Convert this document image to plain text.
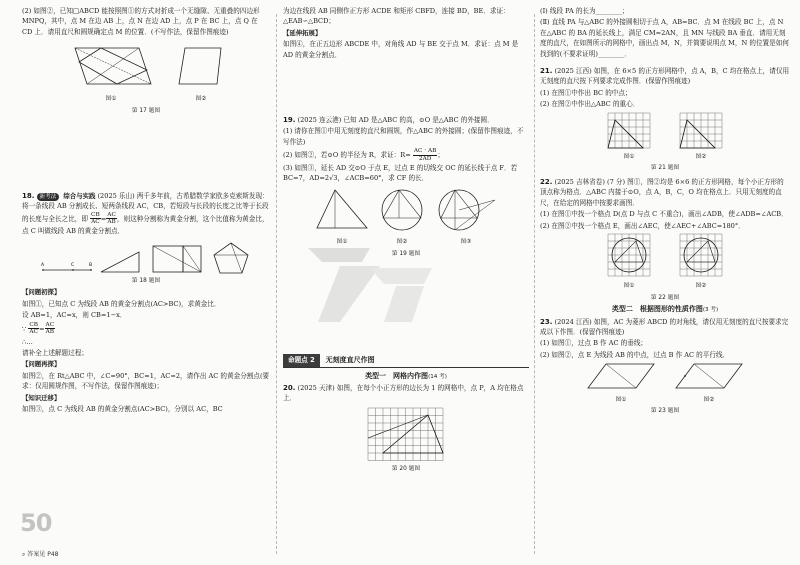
(2) 如图②，已知□ABCD 能按照图①的方式对折成一个无缝隙、无重叠的四边形 MNPQ，其中，点 M 在边 AB 上，点 N 在边 AD 上，点 P 在 BC 上，点 Q 在 CD 上．请用直尺和圆规确定点 M 的位置．(不写作法，保留作图痕迹)

图①	图②

第 17 题图

18. 新考法 综合与实践 (2025 乐山) 两千多年前，古希腊数学家欧多克索斯发现：将一条线段 AB 分割成长、短两条线段 AC，CB，若短段与长段的长度之比等于长段的长度与全长之比，即 $\frac{CB}{AC} = \frac{AC}{AB}$ ，则这种分割称为黄金分割，这个比值称为黄金比，点 C 叫做线段 AB 的黄金分割点．

A	C	B

第 18 题图

【问题初探】

如图①，已知点 C 为线段 AB 的黄金分割点(AC>BC)，求黄金比．

设 AB=1，AC=x，则 CB=1−x．

∵ $\frac{CB}{AC} = \frac{AC}{AB}$

∴…

请补全上述解题过程；

【问题再探】

如图②，在 Rt△ABC 中，∠C=90°，BC=1，AC=2，请作出 AC 的黄金分割点(要求：仅用圆规作图，不写作法，保留作图痕迹)；

【知识迁移】

如图③，点 C 为线段 AB 的黄金分割点(AC>BC)，分别以 AC，BC

为边在线段 AB 同侧作正方形 ACDE 和矩形 CBFD，连接 BD，BE．求证：△EAB∽△BCD；

【延伸拓展】

如图④，在正五边形 ABCDE 中，对角线 AD 与 BE 交于点 M．求证：点 M 是 AD 的黄金分割点．

19. (2025 连云港) 已知 AD 是△ABC 的高，⊙O 是△ABC 的外接圆．

(1) 请你在图①中用无刻度的直尺和圆规，作△ABC 的外接圆；(保留作图痕迹，不写作法)

(2) 如图②，若⊙O 的半径为 R，求证：$R= \frac{AC \cdot AB}{2AD}$ ；

(3) 如图③，延长 AD 交⊙O 于点 E，过点 E 的切线交 OC 的延长线于点 F．若 BC=7，AD=2√3，∠ACB=60°，求 CF 的长．

图①	图②	图③

第 19 题图

命题点 2	无刻度直尺作图

类型一　网格内作图(14 考)

20. (2025 天津) 如图，在每个小正方形的边长为 1 的网格中，点 P，A 均在格点上．

第 20 题图

(Ⅰ) 线段 PA 的长为________；

(Ⅱ) 直线 PA 与△ABC 的外接圆相切于点 A，AB=BC．点 M 在线段 BC 上，点 N 在△ABC 的 BA 的延长线上，满足 CM=2AN，且 MN 与线段 BA 垂直．请用无刻度的直尺，在如图所示的网格中，画出点 M，N，并简要说明点 M，N 的位置是如何找到的(不要求证明)________．

21. (2025 江西) 如图，在 6×5 的正方形网格中，点 A，B，C 均在格点上，请仅用无刻度的直尺按下列要求完成作图．(保留作图痕迹)

(1) 在图①中作出 BC 的中点；

(2) 在图②中作出△ABC 的重心．

图①	图②

第 21 题图

22. (2025 吉林省卷) (7 分) 图①，图②均是 6×6 的正方形网格，每个小正方形的顶点称为格点．△ABC 内接于⊙O，点 A，B，C，O 均在格点上．只用无刻度的直尺，在给定的网格中按要求画图．

(1) 在图①中找一个格点 D(点 D 与点 C 不重合)，画出∠ADB，使∠ADB=∠ACB．

(2) 在图②中找一个格点 E，画出∠AEC，使∠AEC+∠ABC=180°．

图①	图②

第 22 题图

类型二　根据图形的性质作图(3 考)

23. (2024 江西) 如图，AC 为菱形 ABCD 的对角线，请仅用无刻度的直尺按要求完成以下作图．(保留作图痕迹)

(1) 如图①，过点 B 作 AC 的垂线；

(2) 如图②，点 E 为线段 AB 的中点，过点 B 作 AC 的平行线．

图①	图②

第 23 题图

50
⌕ 答案见 P48
